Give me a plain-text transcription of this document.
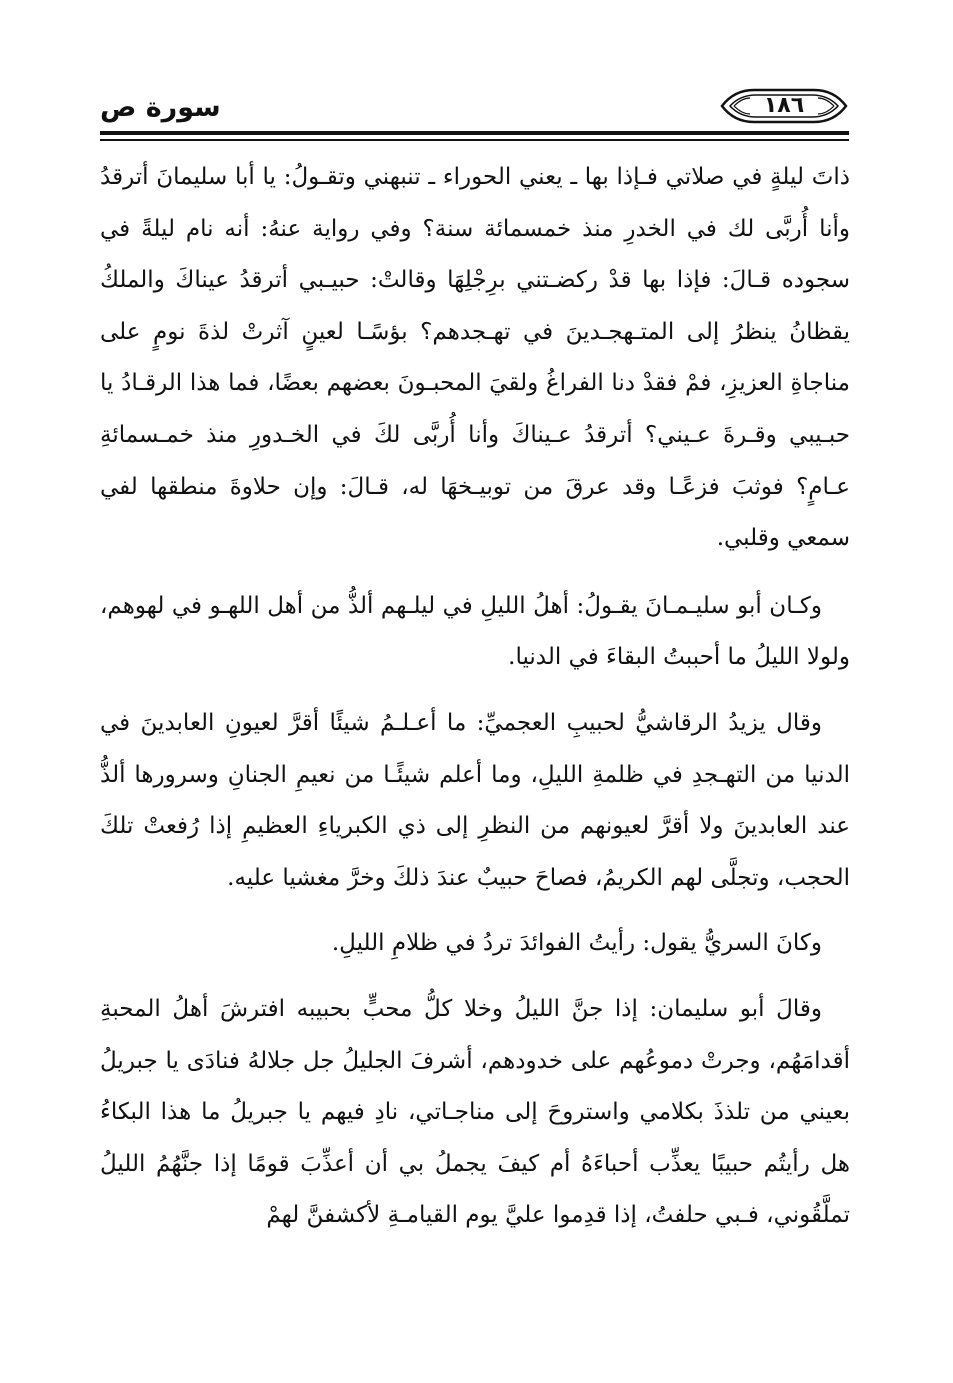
سورة ص	١٨٦

ذاتَ ليلةٍ في صلاتي فـإذا بها ـ يعني الحوراء ـ تنبهني وتقـولُ: يا أبا سليمانَ أترقدُ وأنا أُربَّى لك في الخدرِ منذ خمسمائة سنة؟ وفي رواية عنهُ: أنه نام ليلةً في سجوده قـالَ: فإذا بها قدْ ركضـتني برِجْلِهَا وقالتْ: حبيـبي أترقدُ عيناكَ والملكُ يقظانُ ينظرُ إلى المتـهجـدينَ في تهـجدهم؟ بؤسًـا لعينٍ آثرتْ لذةَ نومٍ على مناجاةِ العزيزِ، فمْ فقدْ دنا الفراغُ ولقيَ المحبـونَ بعضهم بعضًا، فما هذا الرقـادُ يا حبـيبي وقـرةَ عـيني؟ أترقدُ عـيناكَ وأنا أُربَّى لكَ في الخـدورِ منذ خمـسمائةِ عـامٍ؟ فوثبَ فزعًـا وقد عرقَ من توبيـخهَا له، قـالَ: وإن حلاوةَ منطقها لفي سمعي وقلبي.

وكـان أبو سليـمـانَ يقـولُ: أهلُ الليلِ في ليلـهم ألذُّ من أهل اللهـو في لهوهم، ولولا الليلُ ما أحببتُ البقاءَ في الدنيا.

وقال يزيدُ الرقاشيُّ لحبيبِ العجميِّ: ما أعـلـمُ شيئًا أقرَّ لعيونِ العابدينَ في الدنيا من التهـجدِ في ظلمةِ الليلِ، وما أعلم شيئًـا من نعيمِ الجنانِ وسرورها ألذُّ عند العابدينَ ولا أقرَّ لعيونهم من النظرِ إلى ذي الكبرياءِ العظيمِ إذا رُفعتْ تلكَ الحجب، وتجلَّى لهم الكريمُ، فصاحَ حبيبٌ عندَ ذلكَ وخرَّ مغشيا عليه.

وكانَ السريُّ يقول: رأيتُ الفوائدَ تردُ في ظلامِ الليلِ.

وقالَ أبو سليمان: إذا جنَّ الليلُ وخلا كلُّ محبٍّ بحبيبه افترشَ أهلُ المحبةِ أقدامَهُم، وجرتْ دموعُهم على خدودهم، أشرفَ الجليلُ جل جلالهُ فنادَى يا جبريلُ بعيني من تلذذَ بكلامي واستروحَ إلى مناجـاتي، نادِ فيهم يا جبريلُ ما هذا البكاءُ هل رأيتُم حبيبًا يعذِّب أحباءَهُ أم كيفَ يجملُ بي أن أعذِّبَ قومًا إذا جنَّهُمُ الليلُ تملَّقُوني، فـبي حلفتُ، إذا قدِموا عليَّ يوم القيامـةِ لأكشفنَّ لهمْ
